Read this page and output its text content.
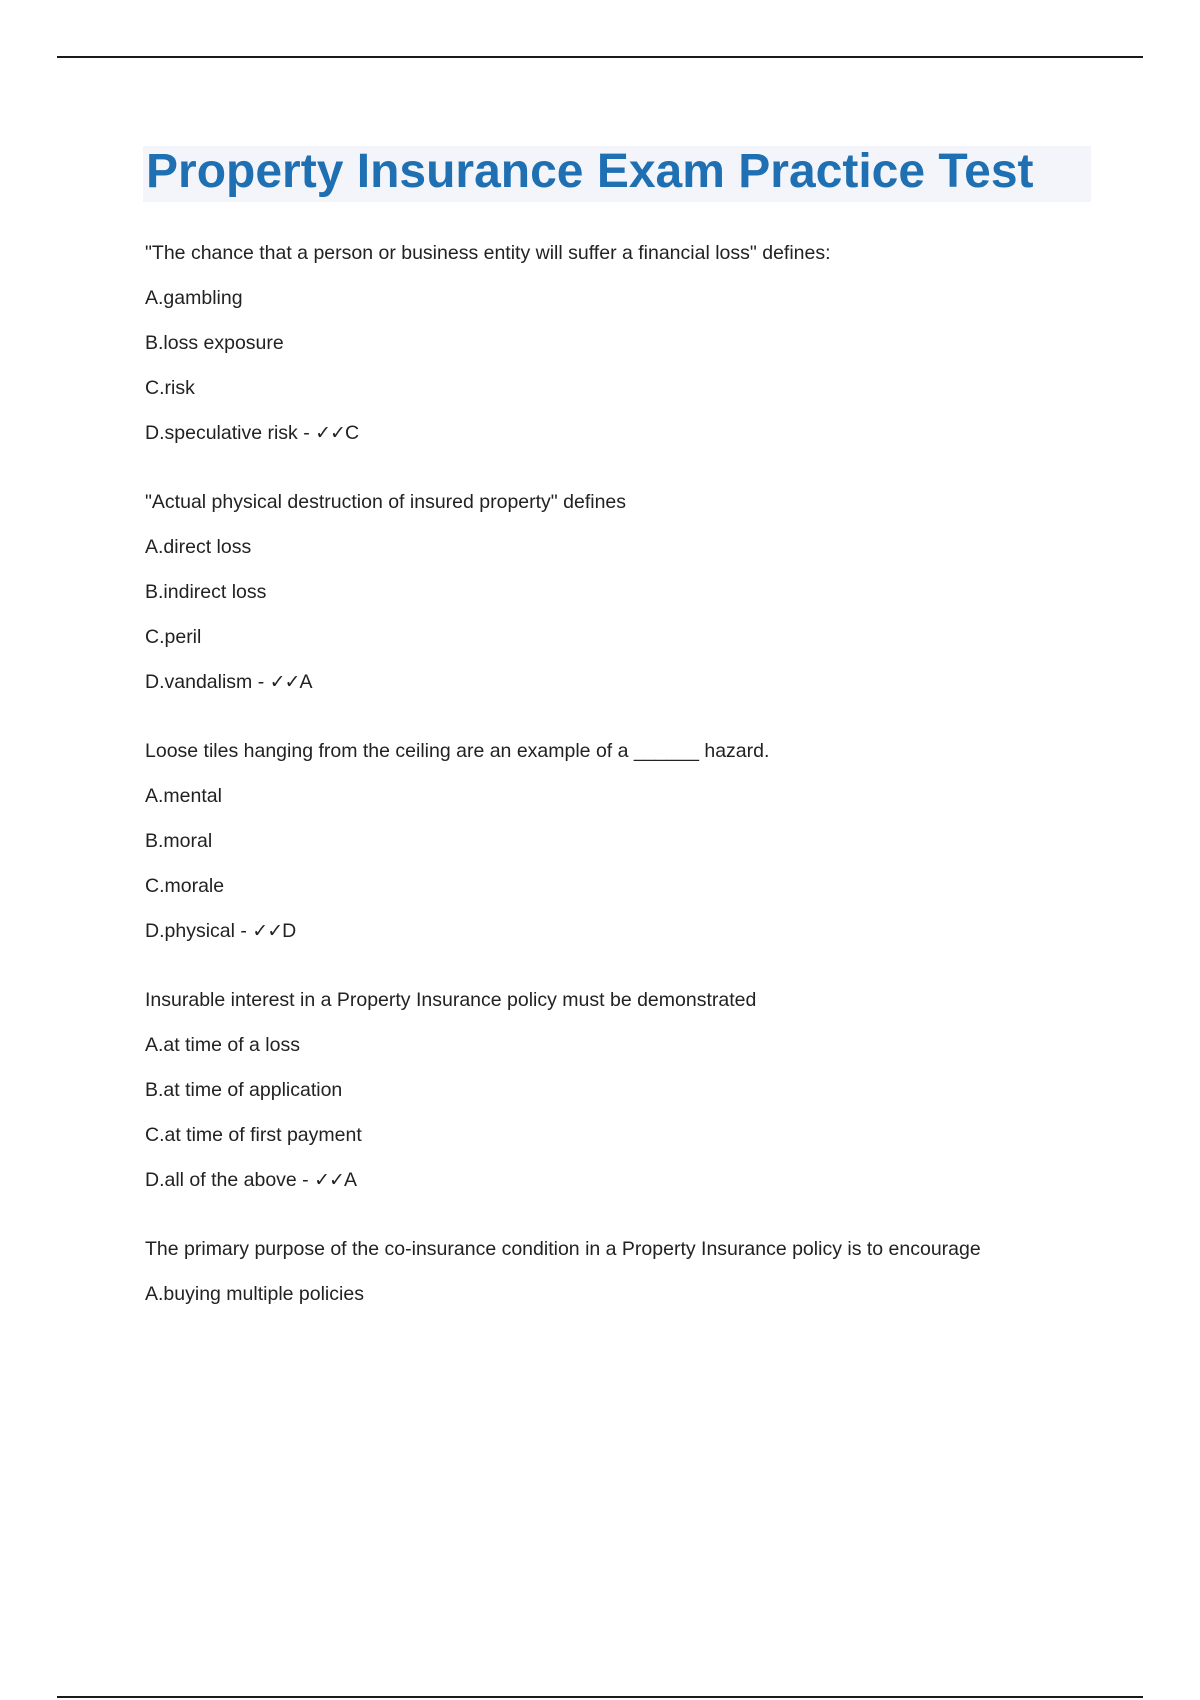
Property Insurance Exam Practice Test
"The chance that a person or business entity will suffer a financial loss" defines:
A.gambling
B.loss exposure
C.risk
D.speculative risk - ✓✓C
"Actual physical destruction of insured property" defines
A.direct loss
B.indirect loss
C.peril
D.vandalism - ✓✓A
Loose tiles hanging from the ceiling are an example of a ______ hazard.
A.mental
B.moral
C.morale
D.physical - ✓✓D
Insurable interest in a Property Insurance policy must be demonstrated
A.at time of a loss
B.at time of application
C.at time of first payment
D.all of the above - ✓✓A
The primary purpose of the co-insurance condition in a Property Insurance policy is to encourage
A.buying multiple policies
